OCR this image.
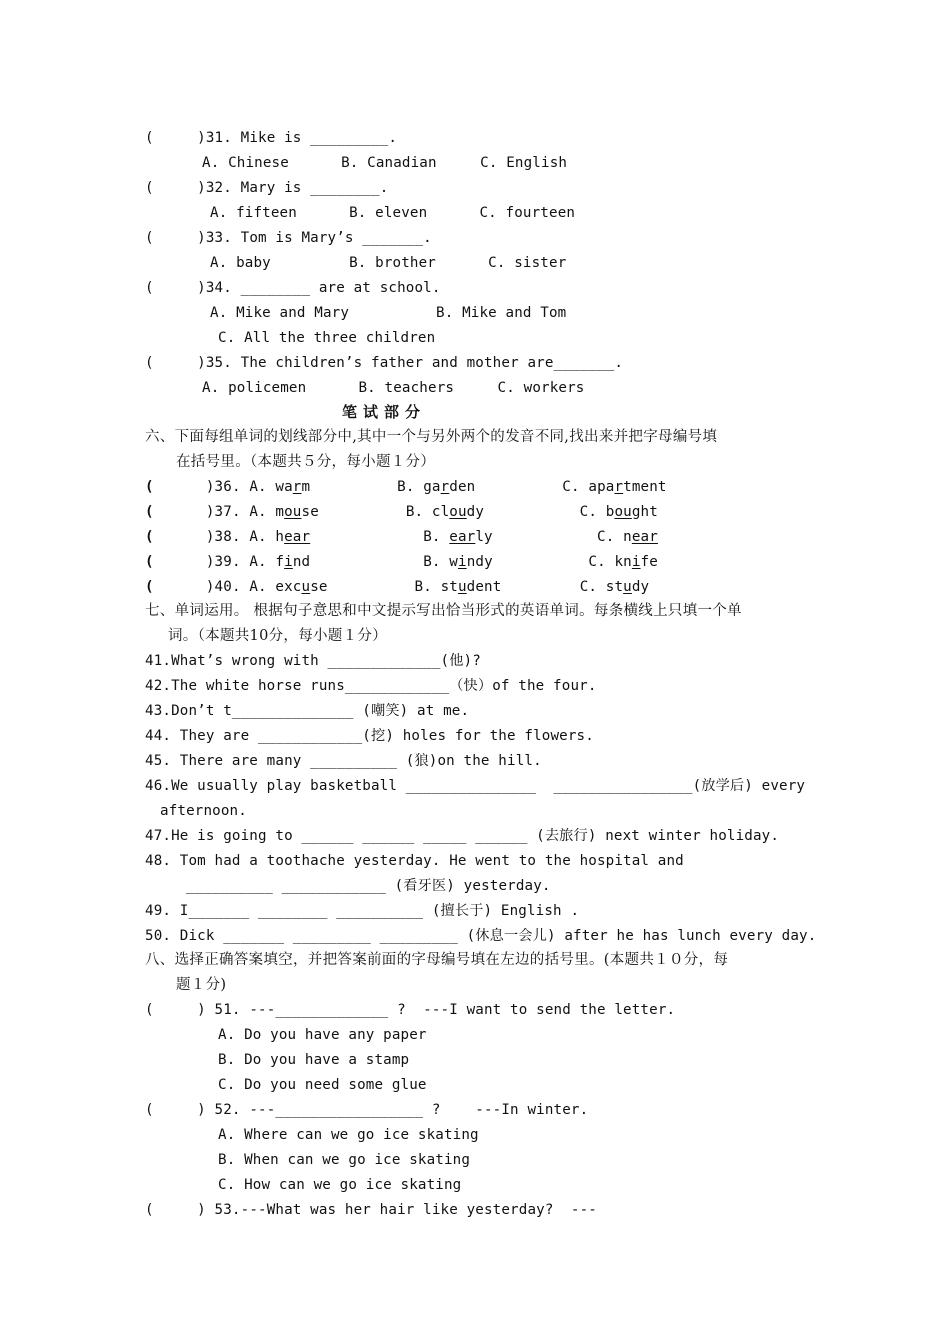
(     )31. Mike is _________.
A. Chinese	B. Canadian	C. English
(     )32. Mary is ________.
A. fifteen	B. eleven	C. fourteen
(     )33. Tom is Mary’s _______.
A. baby	B. brother	C. sister
(     )34. ________ are at school.
A. Mike and Mary	B. Mike and Tom
C. All the three children
(     )35. The children’s father and mother are_______.
A. policemen	B. teachers	C. workers
笔试部分
六、下面每组单词的划线部分中,其中一个与另外两个的发音不同,找出来并把字母编号填
在括号里。（本题共５分，每小题１分）
(      )36. A. warm	B. garden	C. apartment
(      )37. A. mouse	B. cloudy	C. bought
(      )38. A. hear	B. early	C. near
(      )39. A. find	B. windy	C. knife
(      )40. A. excuse	B. student	C. study
七、单词运用。 根据句子意思和中文提示写出恰当形式的英语单词。每条横线上只填一个单
词。（本题共10分，每小题１分）
41.What’s wrong with _____________(他)?
42.The white horse runs____________（快）of the four.
43.Don’t t______________ (嘲笑) at me.
44. They are ____________(挖) holes for the flowers.
45. There are many __________ (狼)on the hill.
46.We usually play basketball _______________  ________________(放学后) every
afternoon.
47.He is going to ______ ______ _____ ______ (去旅行) next winter holiday.
48. Tom had a toothache yesterday. He went to the hospital and
__________ ____________ (看牙医) yesterday.
49. I_______ ________ __________ (擅长于) English .
50. Dick _______ _________ _________ (休息一会儿) after he has lunch every day.
八、选择正确答案填空，并把答案前面的字母编号填在左边的括号里。(本题共１０分，每
题１分)
(     ) 51. ---_____________ ?  ---I want to send the letter.
A. Do you have any paper
B. Do you have a stamp
C. Do you need some glue
(     ) 52. ---_________________ ?    ---In winter.
A. Where can we go ice skating
B. When can we go ice skating
C. How can we go ice skating
(     ) 53.---What was her hair like yesterday?  ---
